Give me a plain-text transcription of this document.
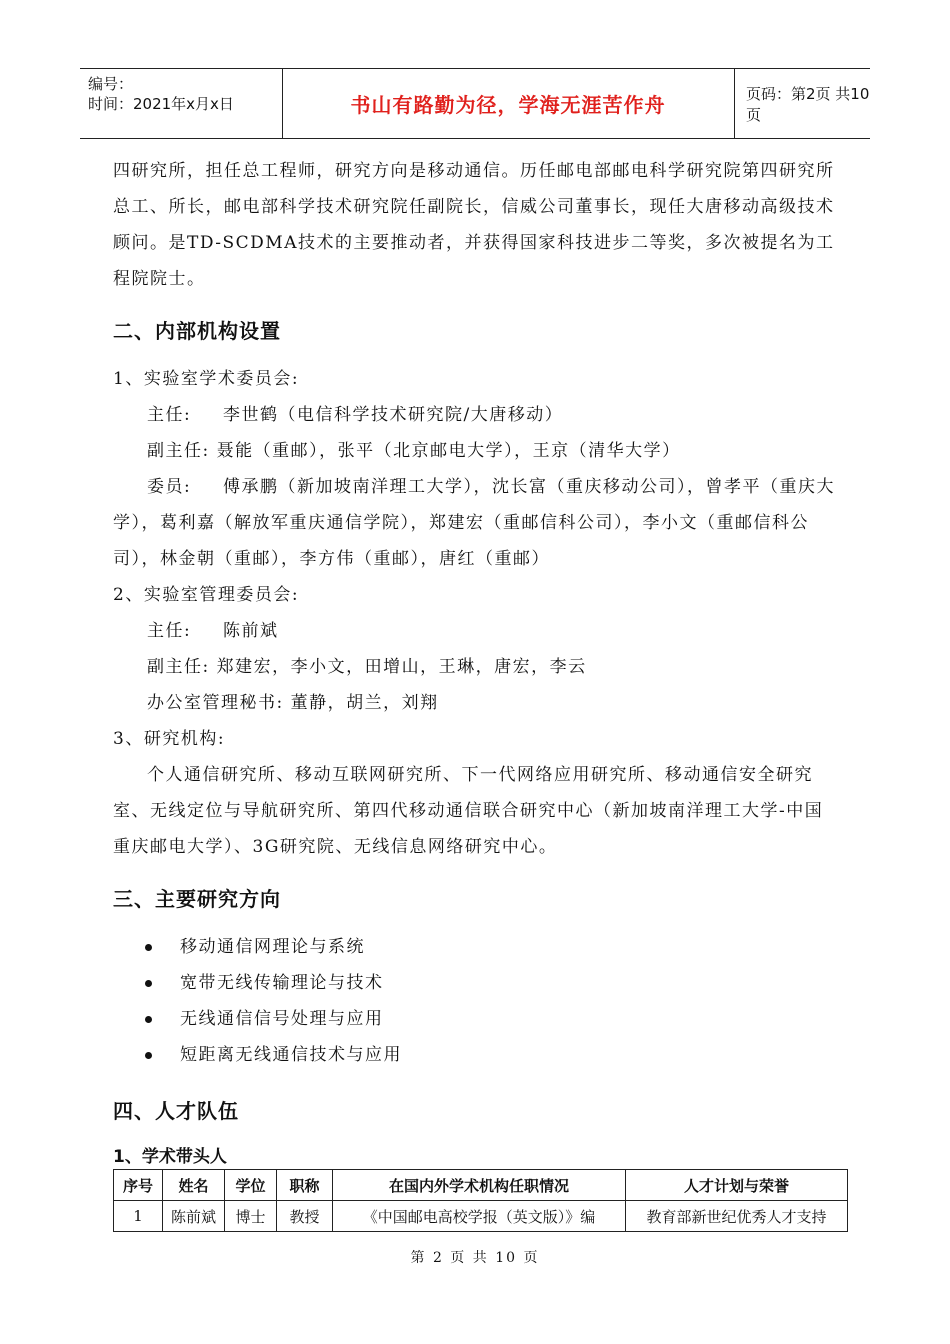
编号：
时间：2021年x月x日	书山有路勤为径，学海无涯苦作舟	页码：第2页 共10页

四研究所，担任总工程师，研究方向是移动通信。历任邮电部邮电科学研究院第四研究所总工、所长，邮电部科学技术研究院任副院长，信威公司董事长，现任大唐移动高级技术顾问。是TD-SCDMA技术的主要推动者，并获得国家科技进步二等奖，多次被提名为工程院院士。

二、内部机构设置
1、实验室学术委员会:
主任: 李世鹤（电信科学技术研究院/大唐移动）
副主任: 聂能（重邮），张平（北京邮电大学），王京（清华大学）

委员: 傅承鹏（新加坡南洋理工大学），沈长富（重庆移动公司），曾孝平（重庆大学），葛利嘉（解放军重庆通信学院），郑建宏（重邮信科公司），李小文（重邮信科公司），林金朝（重邮），李方伟（重邮），唐红（重邮）

2、实验室管理委员会:
主任: 陈前斌
副主任: 郑建宏，李小文，田增山，王琳，唐宏，李云
办公室管理秘书: 董静，胡兰，刘翔
3、研究机构:

个人通信研究所、移动互联网研究所、下一代网络应用研究所、移动通信安全研究室、无线定位与导航研究所、第四代移动通信联合研究中心（新加坡南洋理工大学-中国重庆邮电大学）、3G研究院、无线信息网络研究中心。

三、主要研究方向
移动通信网理论与系统
宽带无线传输理论与技术
无线通信信号处理与应用
短距离无线通信技术与应用
四、人才队伍
1、学术带头人
序号	姓名	学位	职称	在国内外学术机构任职情况	人才计划与荣誉
1	陈前斌	博士	教授	《中国邮电高校学报（英文版）》编	教育部新世纪优秀人才支持
第 2 页 共 10 页
